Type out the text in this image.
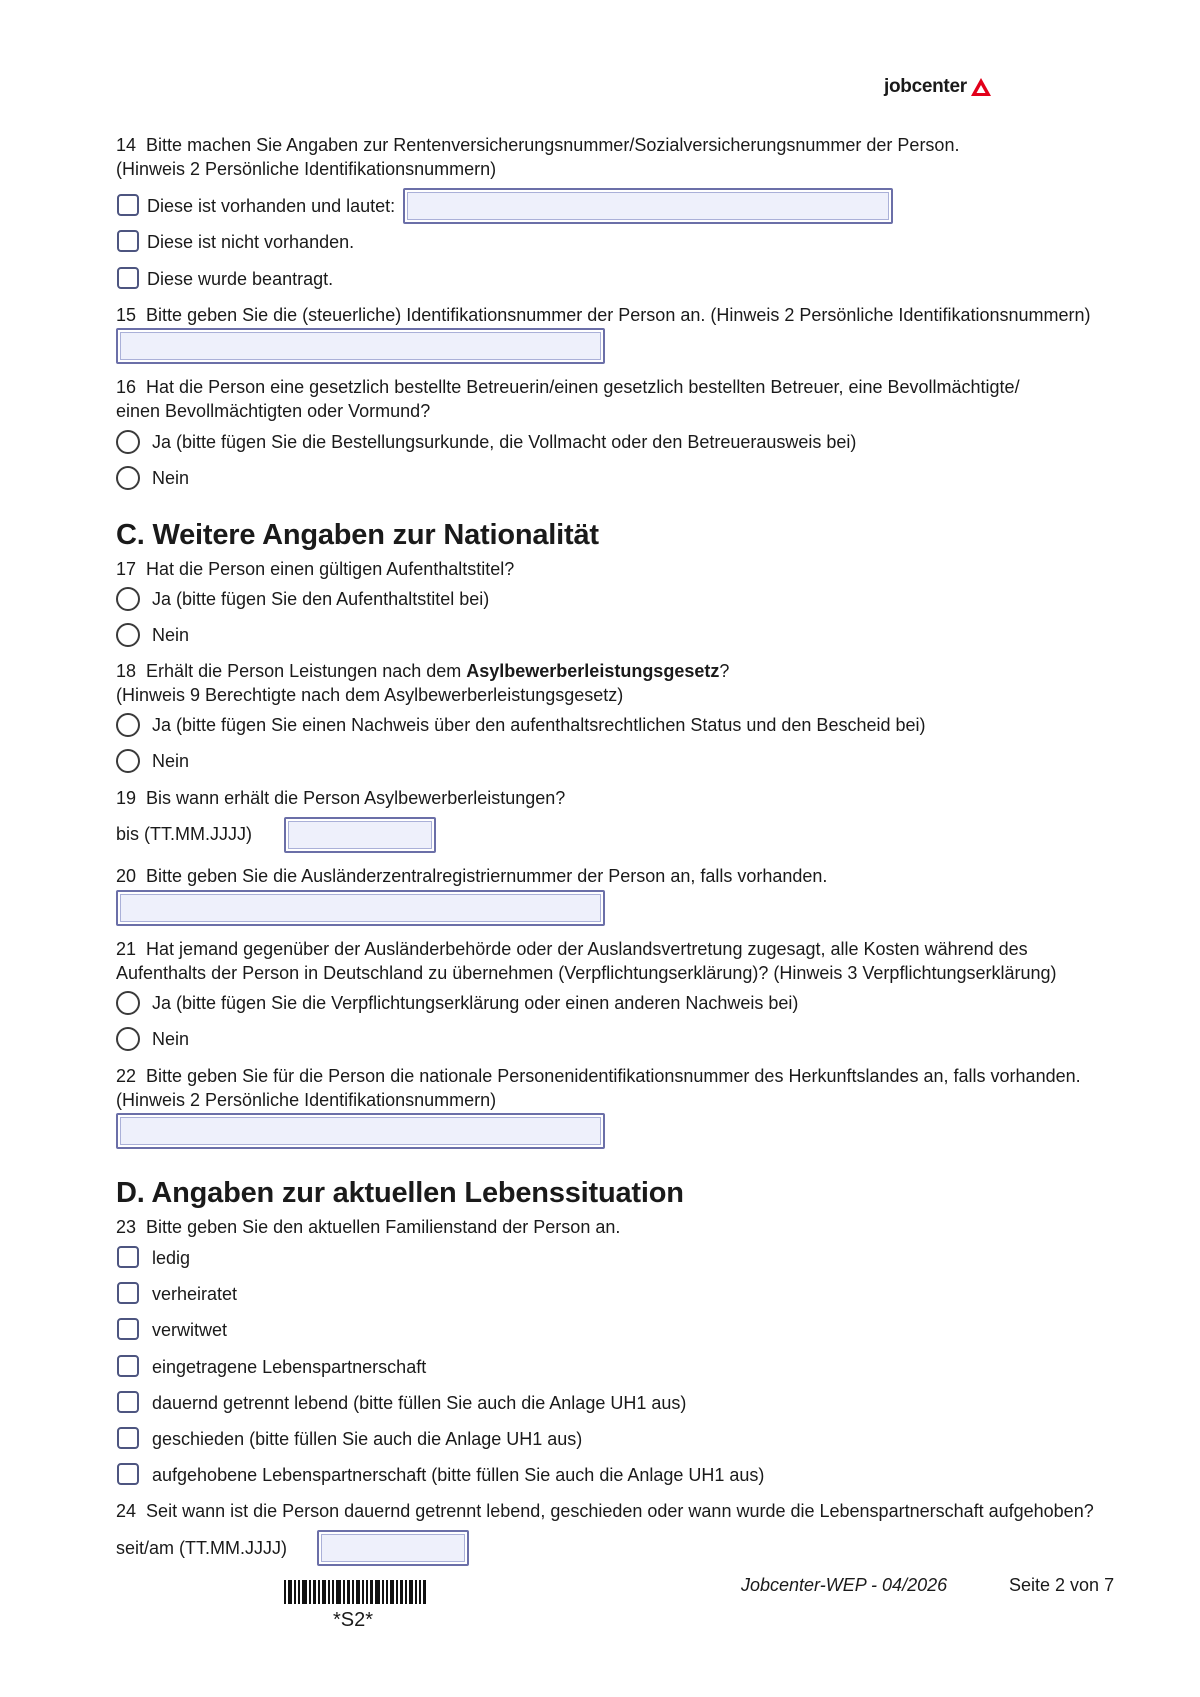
jobcenter
14 Bitte machen Sie Angaben zur Rentenversicherungsnummer/Sozialversicherungsnummer der Person.
(Hinweis 2 Persönliche Identifikationsnummern)
Diese ist vorhanden und lautet:
Diese ist nicht vorhanden.
Diese wurde beantragt.
15 Bitte geben Sie die (steuerliche) Identifikationsnummer der Person an. (Hinweis 2 Persönliche Identifikationsnummern)
16 Hat die Person eine gesetzlich bestellte Betreuerin/einen gesetzlich bestellten Betreuer, eine Bevollmächtigte/
einen Bevollmächtigten oder Vormund?
Ja (bitte fügen Sie die Bestellungsurkunde, die Vollmacht oder den Betreuerausweis bei)
Nein
C. Weitere Angaben zur Nationalität
17 Hat die Person einen gültigen Aufenthaltstitel?
Ja (bitte fügen Sie den Aufenthaltstitel bei)
Nein
18 Erhält die Person Leistungen nach dem Asylbewerberleistungsgesetz?
(Hinweis 9 Berechtigte nach dem Asylbewerberleistungsgesetz)
Ja (bitte fügen Sie einen Nachweis über den aufenthaltsrechtlichen Status und den Bescheid bei)
Nein
19 Bis wann erhält die Person Asylbewerberleistungen?
bis (TT.MM.JJJJ)
20 Bitte geben Sie die Ausländerzentralregistriernummer der Person an, falls vorhanden.
21 Hat jemand gegenüber der Ausländerbehörde oder der Auslandsvertretung zugesagt, alle Kosten während des
Aufenthalts der Person in Deutschland zu übernehmen (Verpflichtungserklärung)? (Hinweis 3 Verpflichtungserklärung)
Ja (bitte fügen Sie die Verpflichtungserklärung oder einen anderen Nachweis bei)
Nein
22 Bitte geben Sie für die Person die nationale Personenidentifikationsnummer des Herkunftslandes an, falls vorhanden.
(Hinweis 2 Persönliche Identifikationsnummern)
D. Angaben zur aktuellen Lebenssituation
23 Bitte geben Sie den aktuellen Familienstand der Person an.
ledig
verheiratet
verwitwet
eingetragene Lebenspartnerschaft
dauernd getrennt lebend (bitte füllen Sie auch die Anlage UH1 aus)
geschieden (bitte füllen Sie auch die Anlage UH1 aus)
aufgehobene Lebenspartnerschaft (bitte füllen Sie auch die Anlage UH1 aus)
24 Seit wann ist die Person dauernd getrennt lebend, geschieden oder wann wurde die Lebenspartnerschaft aufgehoben?
seit/am (TT.MM.JJJJ)
*S2*
Jobcenter-WEP - 04/2026	Seite 2 von 7
